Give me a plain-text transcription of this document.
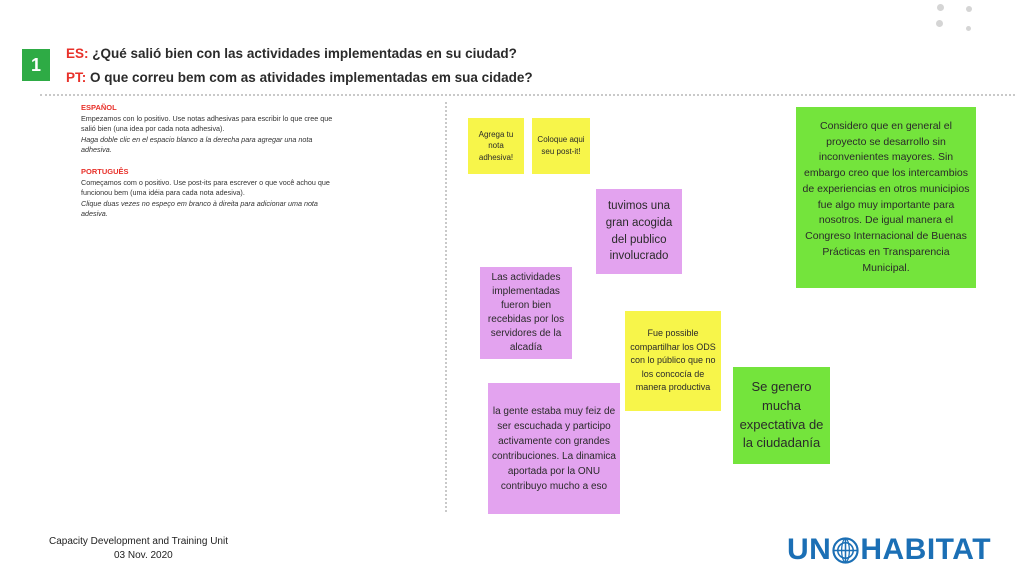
1
ES: ¿Qué salió bien con las actividades implementadas en su ciudad?
PT: O que correu bem com as atividades implementadas em sua cidade?
ESPAÑOL
Empezamos con lo positivo. Use notas adhesivas para escribir lo que cree que salió bien (una idea por cada nota adhesiva).
Haga doble clic en el espacio blanco a la derecha para agregar una nota adhesiva.
PORTUGUÊS
Começamos com o positivo. Use post-its para escrever o que você achou que funcionou bem (uma idéia para cada nota adesiva).
Clique duas vezes no espeço em branco à direita para adicionar uma nota adesiva.
Agrega tu nota adhesiva!
Coloque aqui seu post-it!
tuvimos una gran acogida del publico involucrado
Las actividades implementadas fueron bien recebidas por los servidores de la alcadía
Fue possible compartilhar los ODS con lo público que no los concocía de manera productiva
la gente estaba muy feiz de ser escuchada y participo activamente con grandes contribuciones. La dinamica aportada por la ONU contribuyo mucho a eso
Se genero mucha expectativa de la ciudadanía
Considero que en general el proyecto se desarrollo sin inconvenientes mayores. Sin embargo creo que los intercambios de experiencias en otros municipios fue algo muy importante para nosotros. De igual manera el Congreso Internacional de Buenas Prácticas en Transparencia Municipal.
Capacity Development and Training Unit
03 Nov. 2020	UN HABITAT
